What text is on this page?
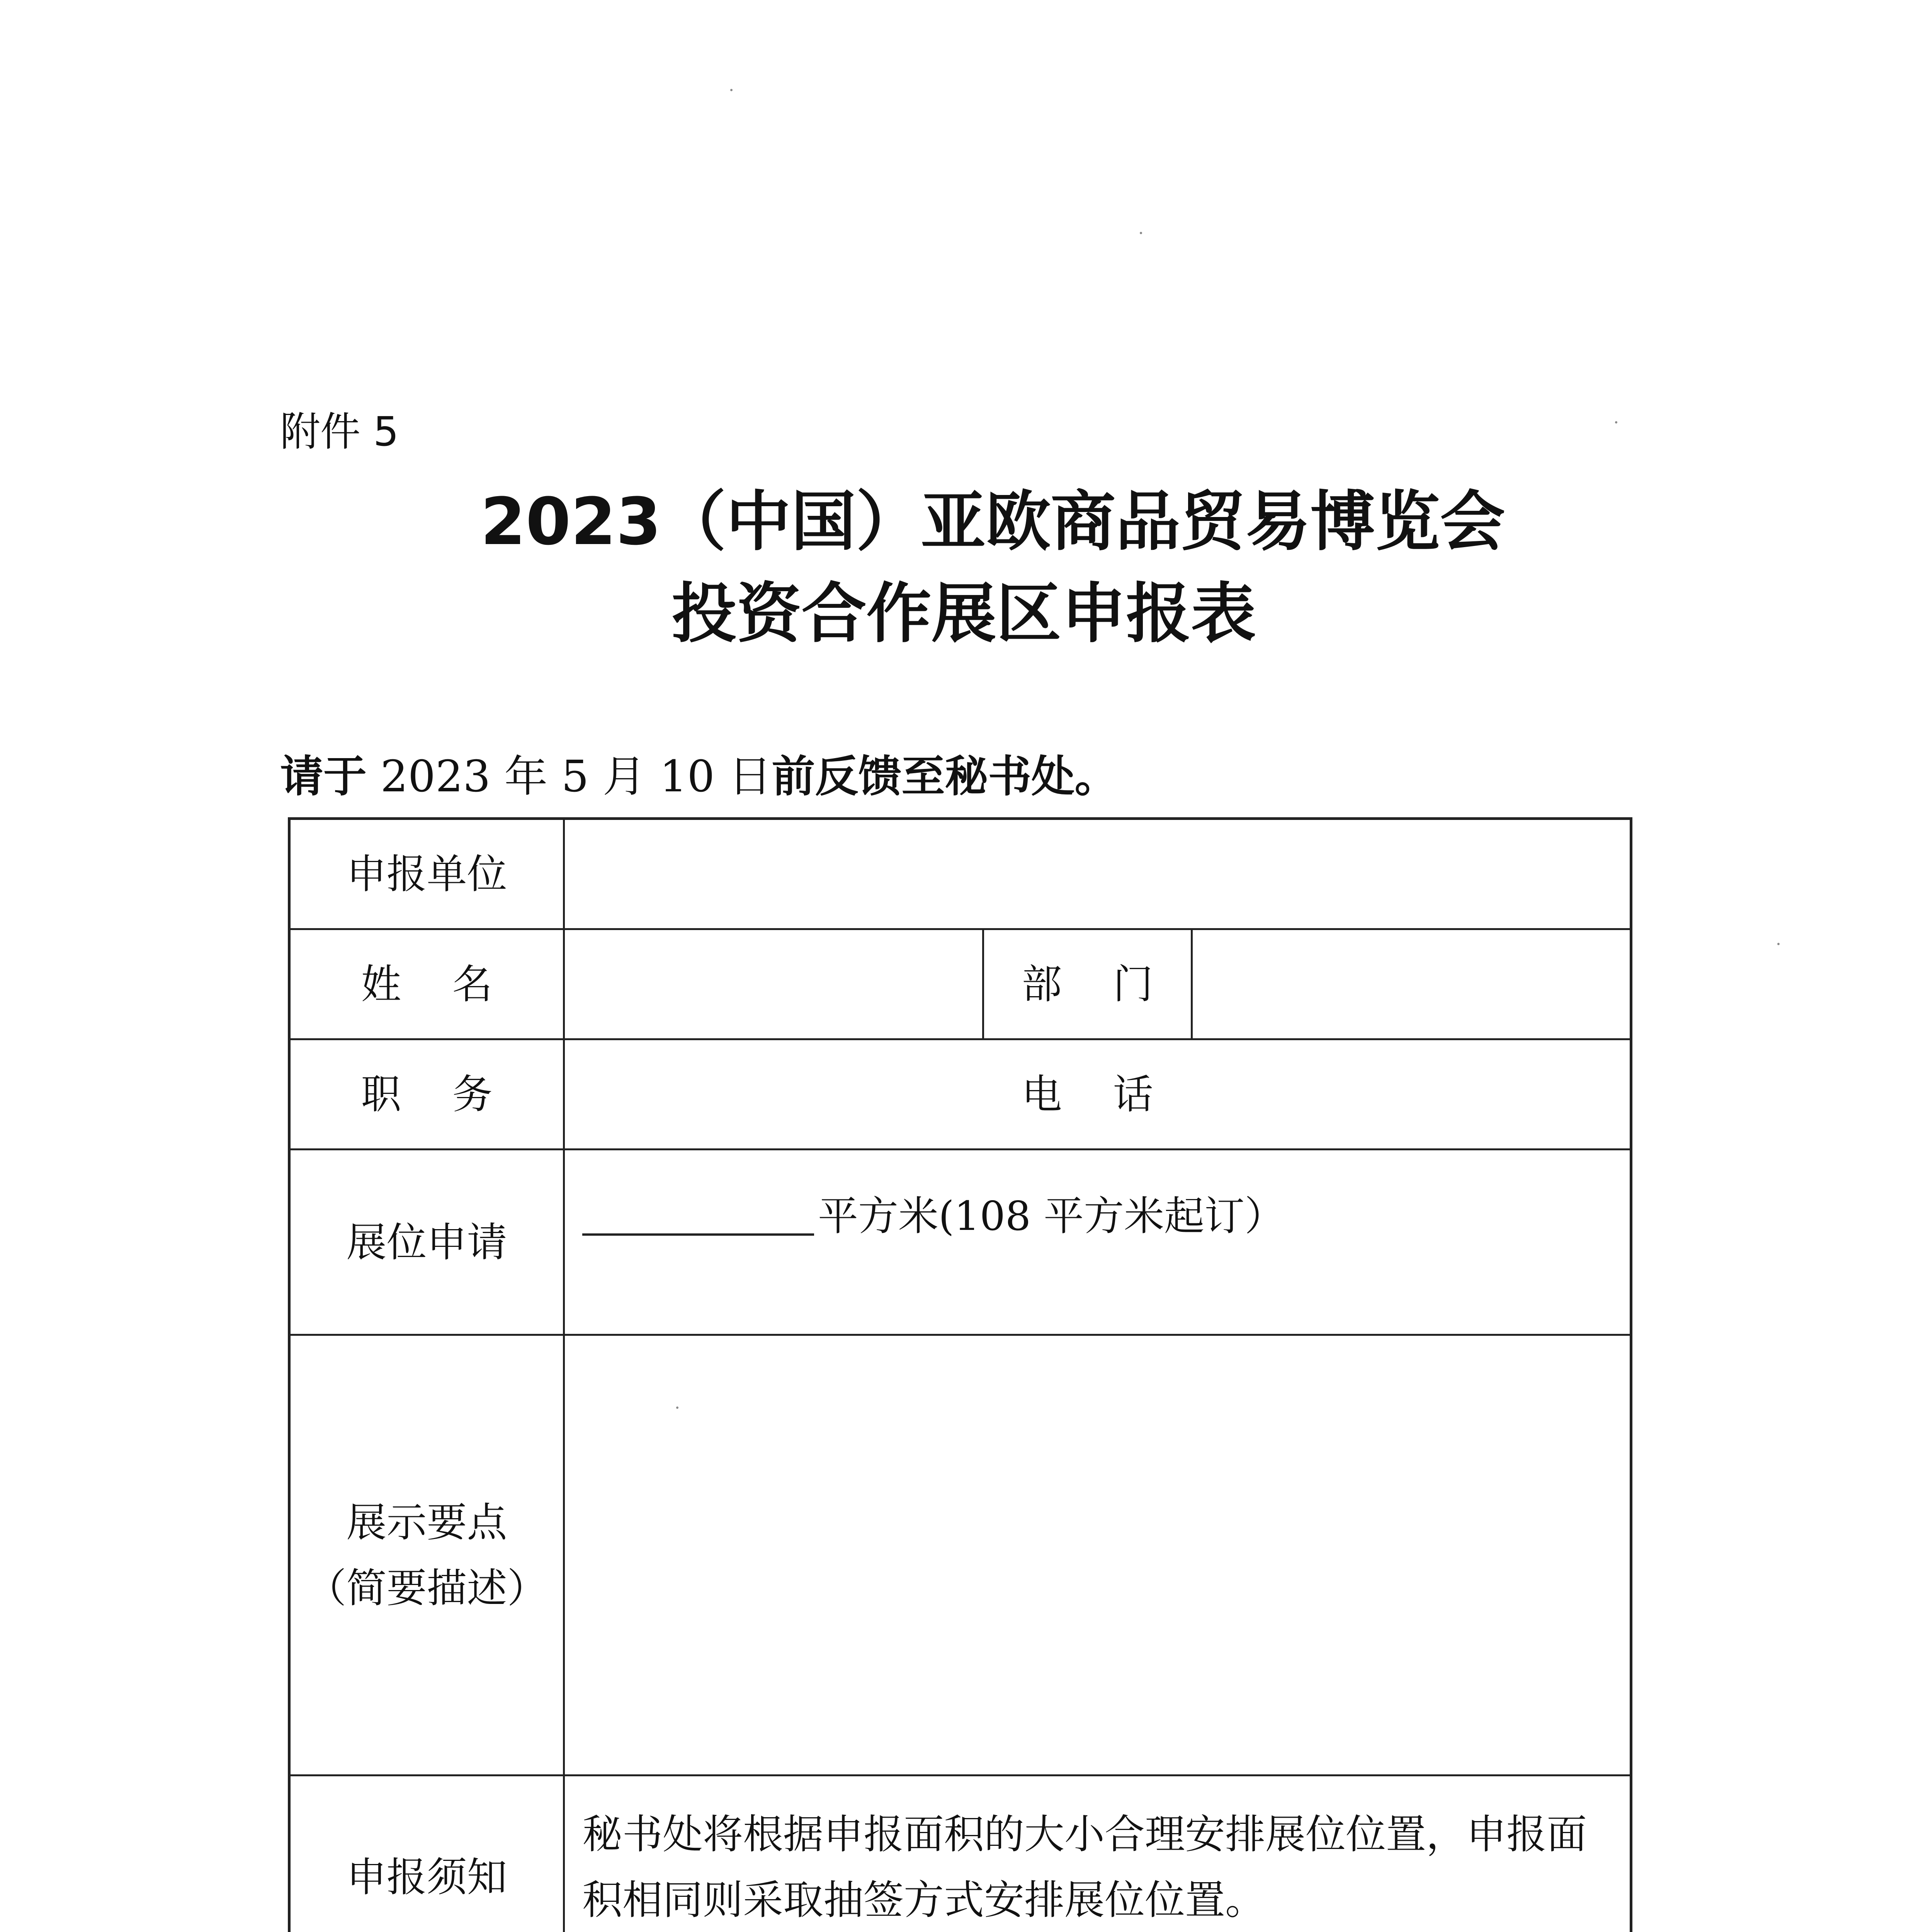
附件 5
2023（中国）亚欧商品贸易博览会
投资合作展区申报表
请于 2023 年 5 月 10 日前反馈至秘书处。
申报单位
姓    名	部    门
职    务	电    话
展位申请
平方米(108 平方米起订）
展示要点
（简要描述）
申报须知
秘书处将根据申报面积的大小合理安排展位位置，申报面积相同则采取抽签方式安排展位位置。
